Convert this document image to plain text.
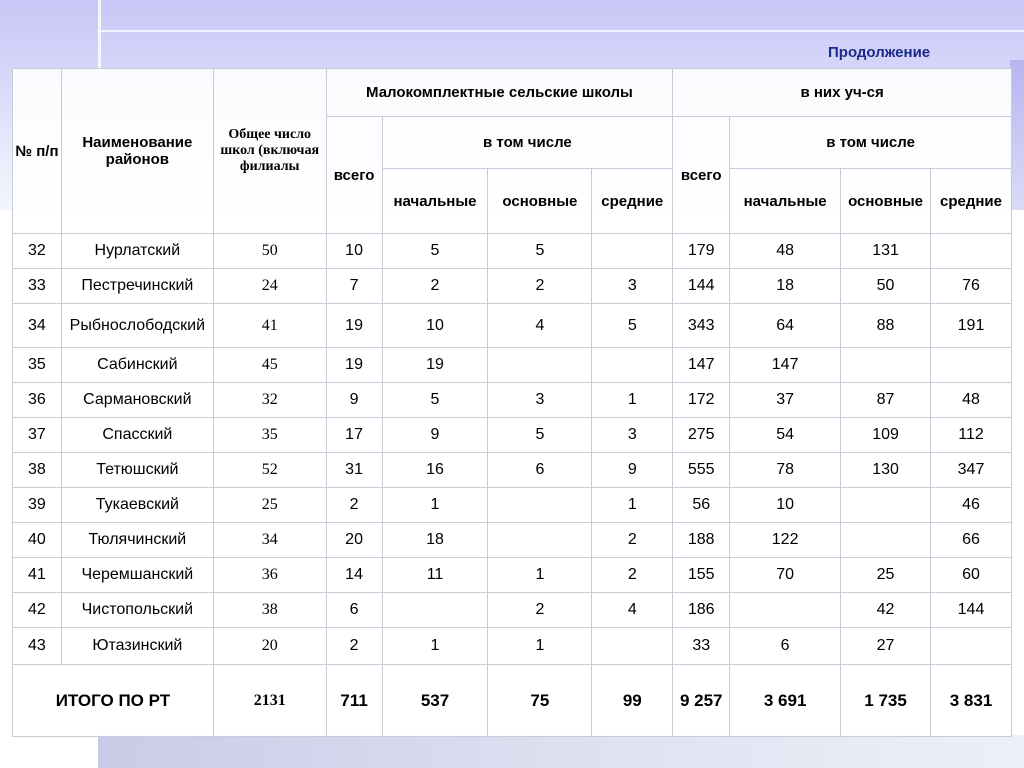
Продолжение
№ п/п	Наименование районов	Общее число школ (включая филиалы	Малокомплектные сельские школы				в них уч-ся			
			всего	в том числе			всего	в том числе		
				начальные	основные	средние		начальные	основные	средние
32	Нурлатский	50	10	5	5		179	48	131	
33	Пестречинский	24	7	2	2	3	144	18	50	76
34	Рыбнослободский	41	19	10	4	5	343	64	88	191
35	Сабинский	45	19	19			147	147		
36	Сармановский	32	9	5	3	1	172	37	87	48
37	Спасский	35	17	9	5	3	275	54	109	112
38	Тетюшский	52	31	16	6	9	555	78	130	347
39	Тукаевский	25	2	1		1	56	10		46
40	Тюлячинский	34	20	18		2	188	122		66
41	Черемшанский	36	14	11	1	2	155	70	25	60
42	Чистопольский	38	6		2	4	186		42	144
43	Ютазинский	20	2	1	1		33	6	27	
ИТОГО ПО РТ		2131	711	537	75	99	9 257	3 691	1 735	3 831
